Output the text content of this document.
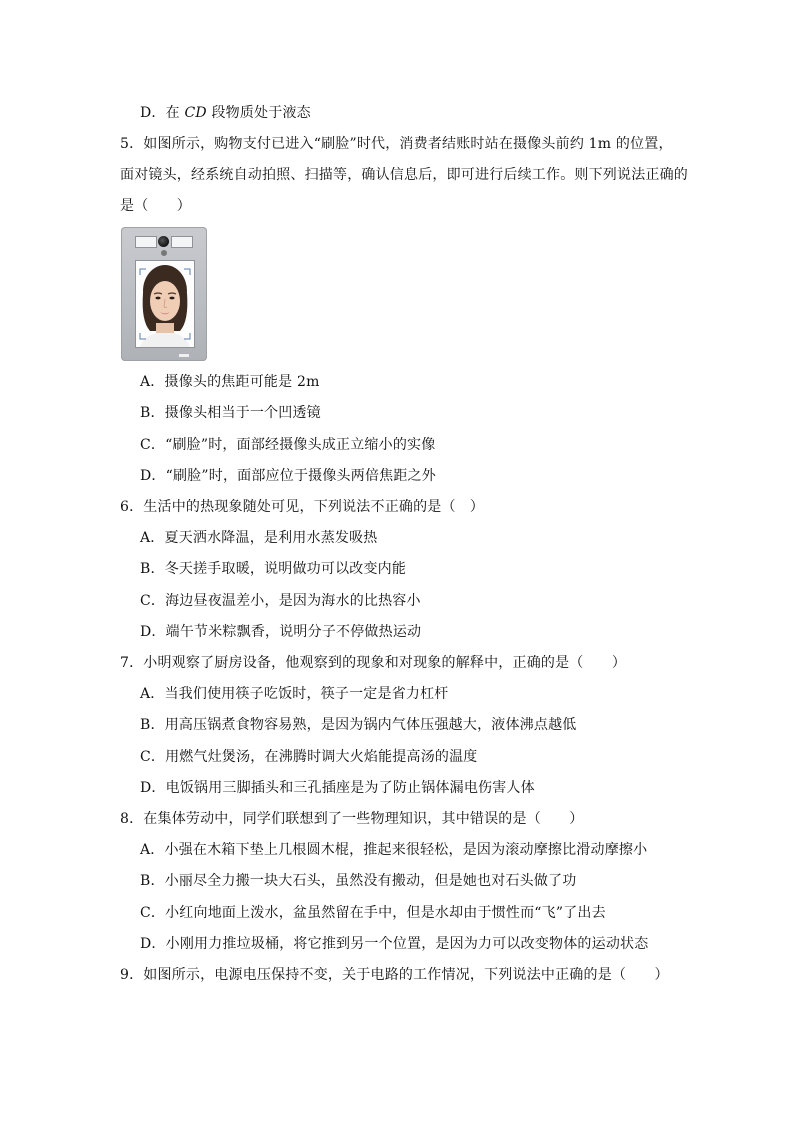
D．在 CD 段物质处于液态
5．如图所示，购物支付已进入“刷脸”时代，消费者结账时站在摄像头前约 1m 的位置，
面对镜头，经系统自动拍照、扫描等，确认信息后，即可进行后续工作。则下列说法正确的
是（　　）
A．摄像头的焦距可能是 2m
B．摄像头相当于一个凹透镜
C．“刷脸”时，面部经摄像头成正立缩小的实像
D．“刷脸”时，面部应位于摄像头两倍焦距之外
6．生活中的热现象随处可见，下列说法不正确的是（　）
A．夏天洒水降温，是利用水蒸发吸热
B．冬天搓手取暖，说明做功可以改变内能
C．海边昼夜温差小，是因为海水的比热容小
D．端午节米粽飘香，说明分子不停做热运动
7．小明观察了厨房设备，他观察到的现象和对现象的解释中，正确的是（　　）
A．当我们使用筷子吃饭时，筷子一定是省力杠杆
B．用高压锅煮食物容易熟，是因为锅内气体压强越大，液体沸点越低
C．用燃气灶煲汤，在沸腾时调大火焰能提高汤的温度
D．电饭锅用三脚插头和三孔插座是为了防止锅体漏电伤害人体
8．在集体劳动中，同学们联想到了一些物理知识，其中错误的是（　　）
A．小强在木箱下垫上几根圆木棍，推起来很轻松，是因为滚动摩擦比滑动摩擦小
B．小丽尽全力搬一块大石头，虽然没有搬动，但是她也对石头做了功
C．小红向地面上泼水，盆虽然留在手中，但是水却由于惯性而“飞”了出去
D．小刚用力推垃圾桶，将它推到另一个位置，是因为力可以改变物体的运动状态
9．如图所示，电源电压保持不变，关于电路的工作情况，下列说法中正确的是（　　）
